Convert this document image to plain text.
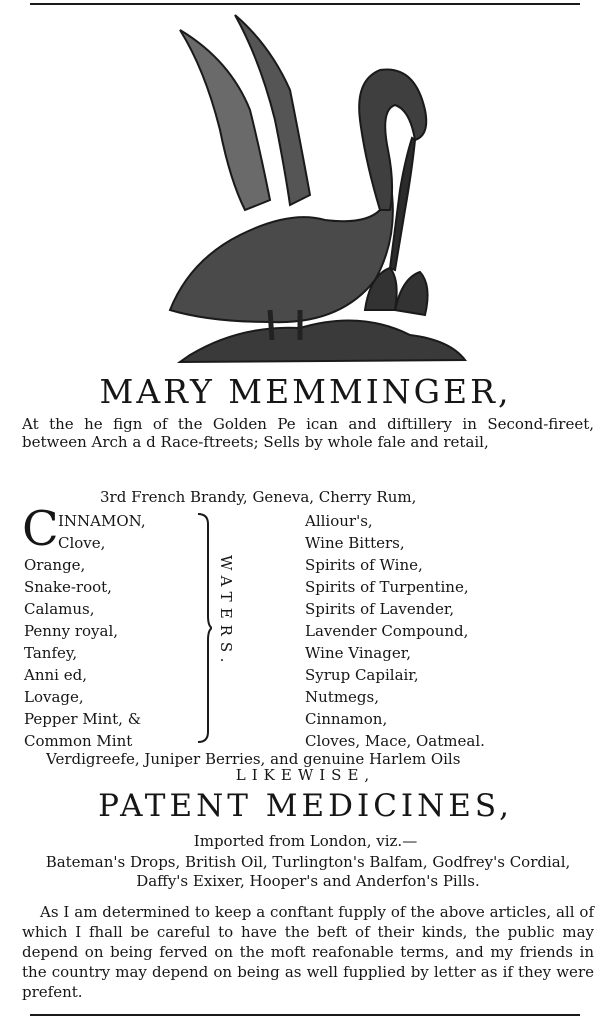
MARY MEMMINGER,
At the he fign of the Golden Pe ican and diftillery in Second-fireet, between Arch a d Race-ftreets; Sells by whole fale and retail,
3rd French Brandy, Geneva, Cherry Rum,
C INNAMON,
Clove,
Orange,
Snake-root,
Calamus,
Penny royal,
Tanfey,
Anni ed,
Lovage,
Pepper Mint, &
Common Mint
WATERS.
Alliour's,
Wine Bitters,
Spirits of Wine,
Spirits of Turpentine,
Spirits of Lavender,
Lavender Compound,
Wine Vinager,
Syrup Capilair,
Nutmegs,
Cinnamon,
Cloves, Mace, Oatmeal.
Verdigreefe, Juniper Berries, and genuine Harlem Oils
LIKEWISE,
PATENT MEDICINES,
Imported from London, viz.—
Bateman's Drops, British Oil, Turlington's Balfam, Godfrey's Cordial, Daffy's Exixer, Hooper's and Anderfon's Pills.
As I am determined to keep a conftant fupply of the above articles, all of which I fhall be careful to have the beft of their kinds, the public may depend on being ferved on the moft reafonable terms, and my friends in the country may depend on being as well fupplied by letter as if they were prefent.
